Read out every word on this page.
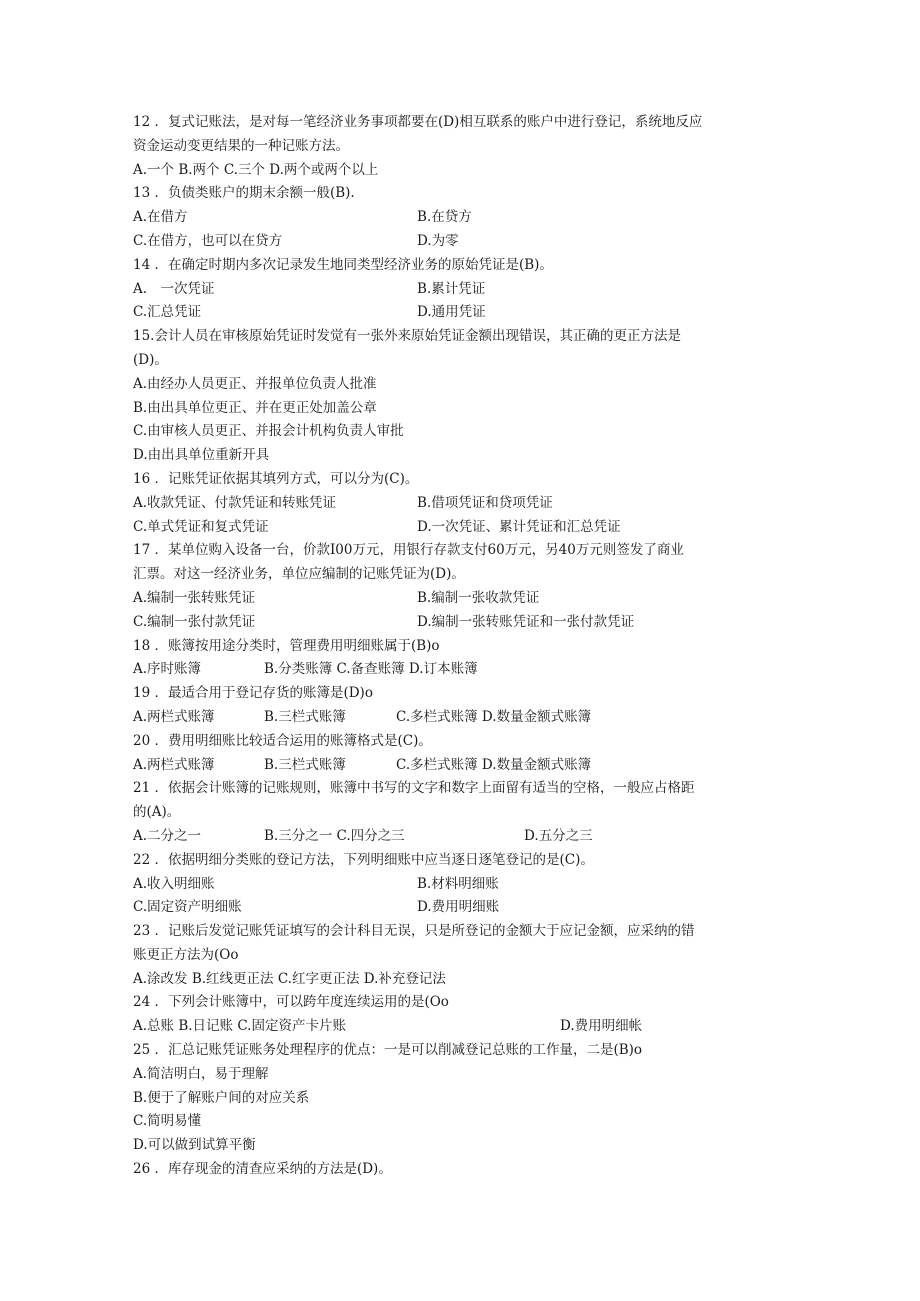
12 ．复式记账法，是对每一笔经济业务事项都要在(D)相互联系的账户中进行登记，系统地反应
资金运动变更结果的一种记账方法。
A.一个 B.两个 C.三个 D.两个或两个以上
13 ．负债类账户的期末余额一般(B).
A.在借方	B.在贷方
C.在借方，也可以在贷方	D.为零
14 ．在确定时期内多次记录发生地同类型经济业务的原始凭证是(B)。
A.　一次凭证	B.累计凭证
C.汇总凭证	D.通用凭证
15.会计人员在审核原始凭证时发觉有一张外来原始凭证金额出现错误，其正确的更正方法是
(D)。
A.由经办人员更正、并报单位负责人批准
B.由出具单位更正、并在更正处加盖公章
C.由审核人员更正、并报会计机构负责人审批
D.由出具单位重新开具
16 ．记账凭证依据其填列方式，可以分为(C)。
A.收款凭证、付款凭证和转账凭证	B.借项凭证和贷项凭证
C.单式凭证和复式凭证	D.一次凭证、累计凭证和汇总凭证
17 ．某单位购入设备一台，价款I00万元，用银行存款支付60万元，另40万元则签发了商业
汇票。对这一经济业务，单位应编制的记账凭证为(D)。
A.编制一张转账凭证	B.编制一张收款凭证
C.编制一张付款凭证	D.编制一张转账凭证和一张付款凭证
18 ．账簿按用途分类时，管理费用明细账属于(B)o
A.序时账簿	B.分类账簿 C.备查账簿 D.订本账簿
19 ．最适合用于登记存货的账簿是(D)o
A.两栏式账簿	B.三栏式账簿	C.多栏式账簿 D.数量金额式账簿
20 ．费用明细账比较适合运用的账簿格式是(C)。
A.两栏式账簿	B.三栏式账簿	C.多栏式账簿 D.数量金额式账簿
21 ．依据会计账簿的记账规则，账簿中书写的文字和数字上面留有适当的空格，一般应占格距
的(A)。
A.二分之一	B.三分之一 C.四分之三	D.五分之三
22 ．依据明细分类账的登记方法，下列明细账中应当逐日逐笔登记的是(C)。
A.收入明细账	B.材料明细账
C.固定资产明细账	D.费用明细账
23 ．记账后发觉记账凭证填写的会计科目无误，只是所登记的金额大于应记金额，应采纳的错
账更正方法为(Oo
A.涂改发 B.红线更正法 C.红字更正法 D.补充登记法
24 ．下列会计账簿中，可以跨年度连续运用的是(Oo
A.总账 B.日记账 C.固定资产卡片账	D.费用明细帐
25 ．汇总记账凭证账务处理程序的优点：一是可以削减登记总账的工作量，二是(B)o
A.简洁明白，易于理解
B.便于了解账户间的对应关系
C.简明易懂
D.可以做到试算平衡
26 ．库存现金的清查应采纳的方法是(D)。
